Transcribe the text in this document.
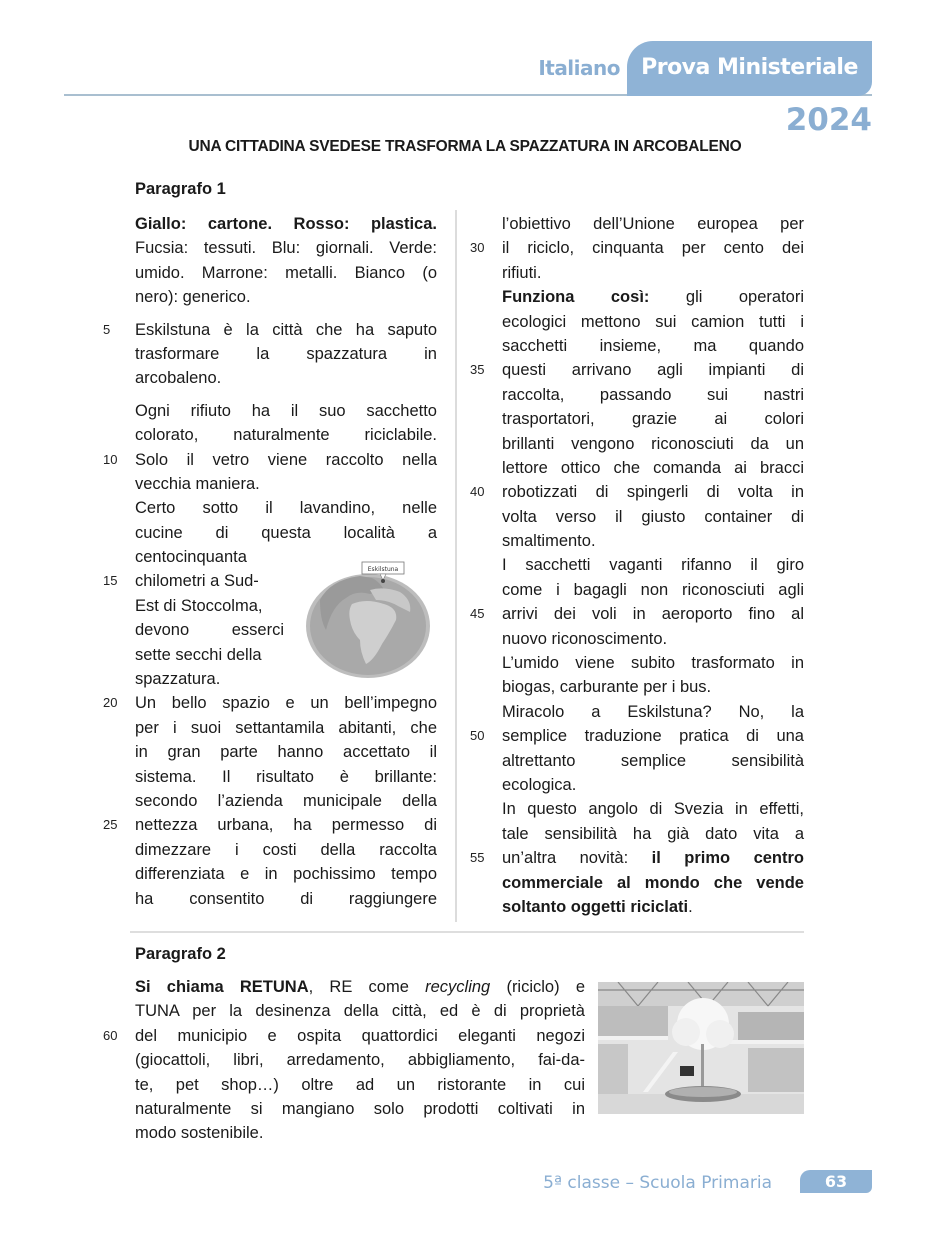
Italiano Prova Ministeriale
2024
UNA CITTADINA SVEDESE TRASFORMA LA SPAZZATURA IN ARCOBALENO
Paragrafo 1
Giallo: cartone. Rosso: plastica.
Fucsia: tessuti. Blu: giornali. Verde:
umido. Marrone: metalli. Bianco (o
nero): generico.
Eskilstuna è la città che ha saputo
5
trasformare la spazzatura in
arcobaleno.
Ogni rifiuto ha il suo sacchetto
colorato, naturalmente riciclabile.
Solo il vetro viene raccolto nella
10
vecchia maniera.
Certo sotto il lavandino, nelle
cucine di questa località a
centocinquanta
chilometri a Sud-
15
Est di Stoccolma,
devono esserci
sette secchi della
spazzatura.
Un bello spazio e un bell’impegno
20
per i suoi settantamila abitanti, che
in gran parte hanno accettato il
sistema. Il risultato è brillante:
secondo l’azienda municipale della
nettezza urbana, ha permesso di
25
dimezzare i costi della raccolta
differenziata e in pochissimo tempo
ha consentito di raggiungere
l’obiettivo dell’Unione europea per
il riciclo, cinquanta per cento dei
30
rifiuti.
Funziona così: gli operatori
ecologici mettono sui camion tutti i
sacchetti insieme, ma quando
questi arrivano agli impianti di
35
raccolta, passando sui nastri
trasportatori, grazie ai colori
brillanti vengono riconosciuti da un
lettore ottico che comanda ai bracci
robotizzati di spingerli di volta in
40
volta verso il giusto container di
smaltimento.
I sacchetti vaganti rifanno il giro
come i bagagli non riconosciuti agli
arrivi dei voli in aeroporto fino al
45
nuovo riconoscimento.
L’umido viene subito trasformato in
biogas, carburante per i bus.
Miracolo a Eskilstuna? No, la
semplice traduzione pratica di una
50
altrettanto semplice sensibilità
ecologica.
In questo angolo di Svezia in effetti,
tale sensibilità ha già dato vita a
un’altra novità: il primo centro
55
commerciale al mondo che vende
soltanto oggetti riciclati.
Eskilstuna
Paragrafo 2
Si chiama RETUNA, RE come recycling (riciclo) e
TUNA per la desinenza della città, ed è di proprietà
del municipio e ospita quattordici eleganti negozi
60
(giocattoli, libri, arredamento, abbigliamento, fai-da-
te, pet shop…) oltre ad un ristorante in cui
naturalmente si mangiano solo prodotti coltivati in
modo sostenibile.
5ª classe – Scuola Primaria	63
